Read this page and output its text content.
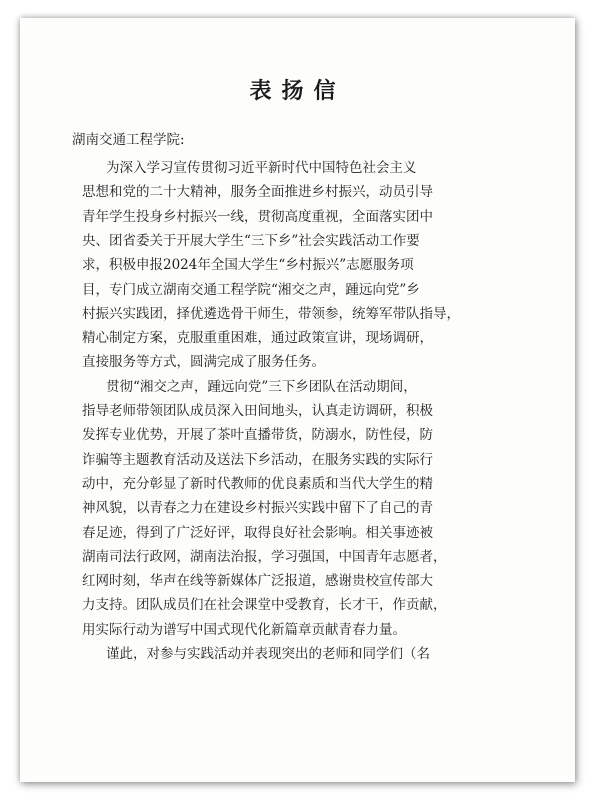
表扬信
湖南交通工程学院:
为深入学习宣传贯彻习近平新时代中国特色社会主义
思想和党的二十大精神，服务全面推进乡村振兴，动员引导
青年学生投身乡村振兴一线，贯彻高度重视，全面落实团中
央、团省委关于开展大学生“三下乡”社会实践活动工作要
求，积极申报2024年全国大学生“乡村振兴”志愿服务项
目，专门成立湖南交通工程学院“湘交之声，踵远向党”乡
村振兴实践团，择优遴选骨干师生，带领参，统筹军带队指导，
精心制定方案，克服重重困难，通过政策宣讲，现场调研，
直接服务等方式，圆满完成了服务任务。
贯彻“湘交之声，踵远向党”三下乡团队在活动期间，
指导老师带领团队成员深入田间地头，认真走访调研，积极
发挥专业优势，开展了茶叶直播带货，防溺水，防性侵，防
诈骗等主题教育活动及送法下乡活动，在服务实践的实际行
动中，充分彰显了新时代教师的优良素质和当代大学生的精
神风貌，以青春之力在建设乡村振兴实践中留下了自己的青
春足迹，得到了广泛好评，取得良好社会影响。相关事迹被
湖南司法行政网，湖南法治报，学习强国，中国青年志愿者，
红网时刻，华声在线等新媒体广泛报道，感谢贵校宣传部大
力支持。团队成员们在社会课堂中受教育，长才干，作贡献，
用实际行动为谱写中国式现代化新篇章贡献青春力量。
谨此，对参与实践活动并表现突出的老师和同学们（名
